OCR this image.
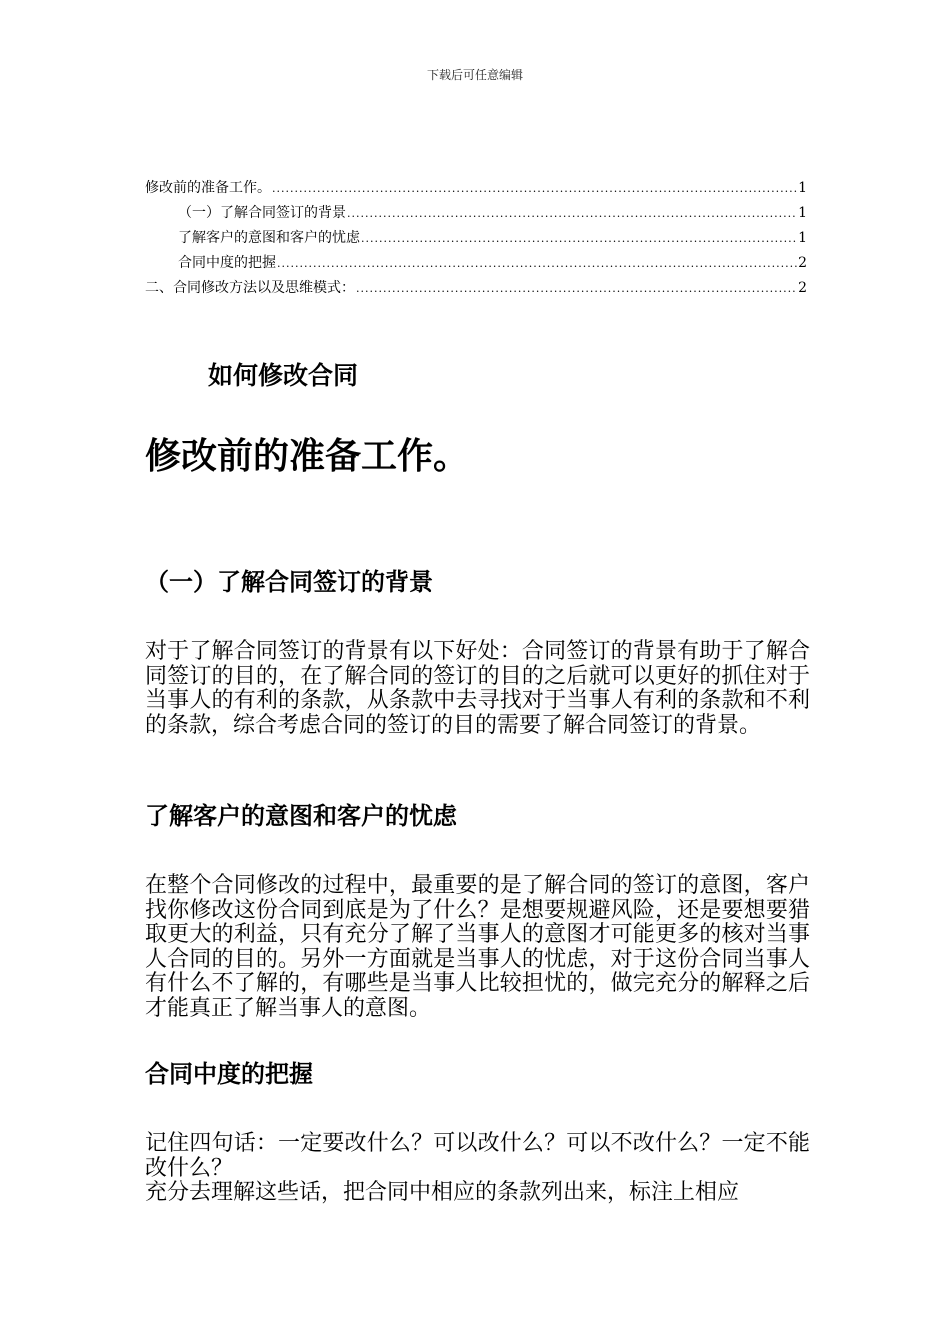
下载后可任意编辑
修改前的准备工作。 .....	1
（一）了解合同签订的背景 .....	1
了解客户的意图和客户的忧虑 .....	1
合同中度的把握 .....	2
二、合同修改方法以及思维模式： .....	2
如何修改合同
修改前的准备工作。
（一）了解合同签订的背景
对于了解合同签订的背景有以下好处：合同签订的背景有助于了解合同签订的目的，在了解合同的签订的目的之后就可以更好的抓住对于当事人的有利的条款，从条款中去寻找对于当事人有利的条款和不利的条款，综合考虑合同的签订的目的需要了解合同签订的背景。
了解客户的意图和客户的忧虑
在整个合同修改的过程中，最重要的是了解合同的签订的意图，客户找你修改这份合同到底是为了什么？是想要规避风险，还是要想要猎取更大的利益，只有充分了解了当事人的意图才可能更多的核对当事人合同的目的。另外一方面就是当事人的忧虑，对于这份合同当事人有什么不了解的，有哪些是当事人比较担忧的，做完充分的解释之后才能真正了解当事人的意图。
合同中度的把握
记住四句话：一定要改什么？可以改什么？可以不改什么？一定不能改什么？
充分去理解这些话，把合同中相应的条款列出来，标注上相应
